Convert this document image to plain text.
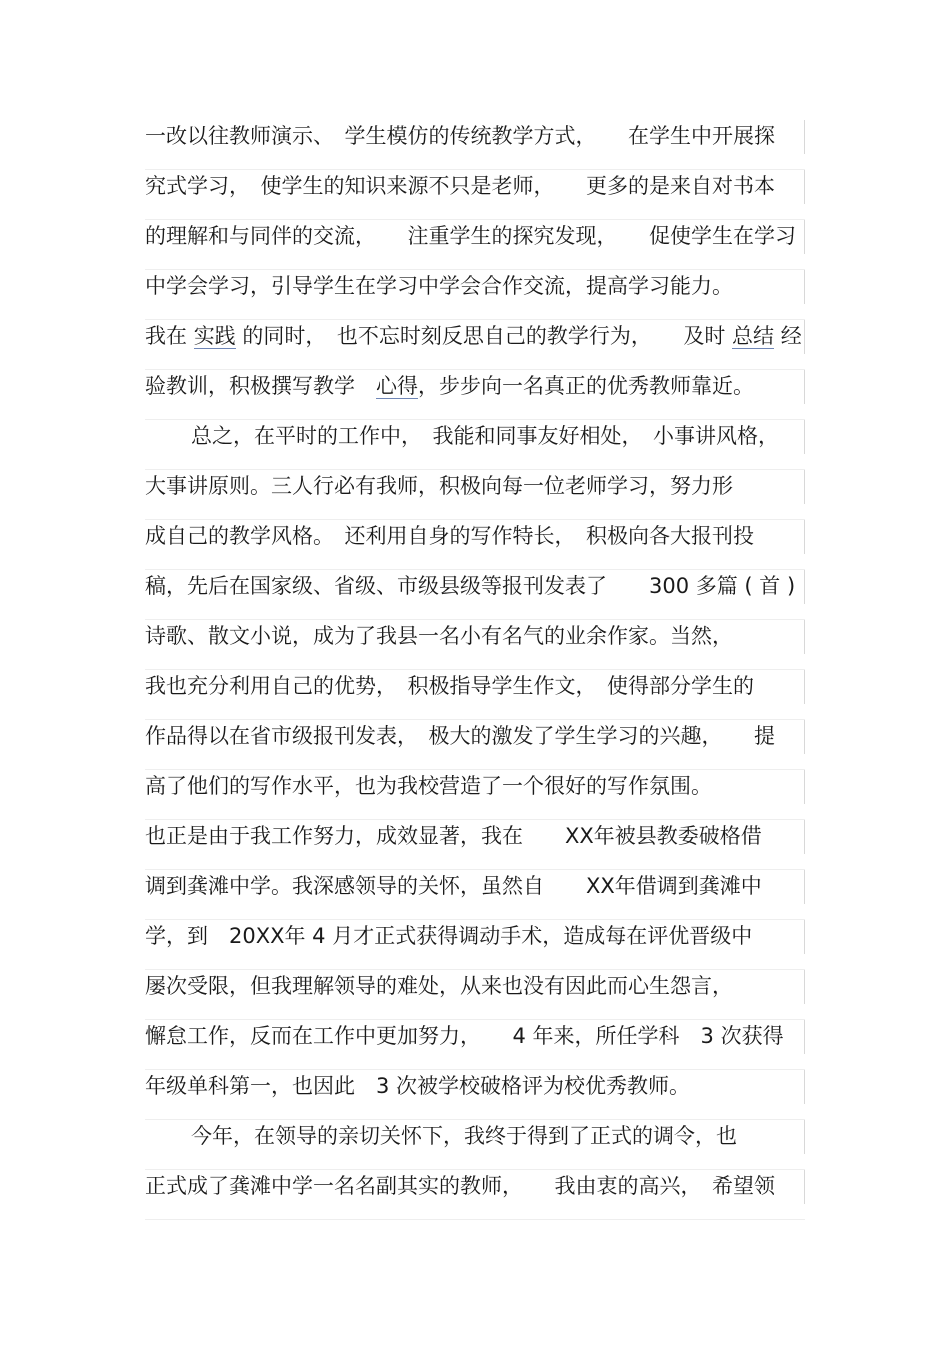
一改以往教师演示、　学生模仿的传统教学方式，　　在学生中开展探
究式学习，　使学生的知识来源不只是老师，　　更多的是来自对书本
的理解和与同伴的交流，　　注重学生的探究发现，　　促使学生在学习
中学会学习，引导学生在学习中学会合作交流，提高学习能力。
我在 实践 的同时，　也不忘时刻反思自己的教学行为，　　及时 总结 经
验教训，积极撰写教学　心得，步步向一名真正的优秀教师靠近。
总之，在平时的工作中，　我能和同事友好相处，　小事讲风格，
大事讲原则。三人行必有我师，积极向每一位老师学习，努力形
成自己的教学风格。　还利用自身的写作特长，　积极向各大报刊投
稿，先后在国家级、省级、市级县级等报刊发表了　　300 多篇 ( 首 )
诗歌、散文小说，成为了我县一名小有名气的业余作家。当然，
我也充分利用自己的优势，　积极指导学生作文，　使得部分学生的
作品得以在省市级报刊发表，　极大的激发了学生学习的兴趣，　　提
高了他们的写作水平，也为我校营造了一个很好的写作氛围。
也正是由于我工作努力，成效显著，我在　　XX年被县教委破格借
调到龚滩中学。我深感领导的关怀，虽然自　　XX年借调到龚滩中
学，到　20XX年 4 月才正式获得调动手术，造成每在评优晋级中
屡次受限，但我理解领导的难处，从来也没有因此而心生怨言，
懈怠工作，反而在工作中更加努力，　　4 年来，所任学科　3 次获得
年级单科第一，也因此　3 次被学校破格评为校优秀教师。
今年，在领导的亲切关怀下，我终于得到了正式的调令，也
正式成了龚滩中学一名名副其实的教师，　　我由衷的高兴，　希望领
